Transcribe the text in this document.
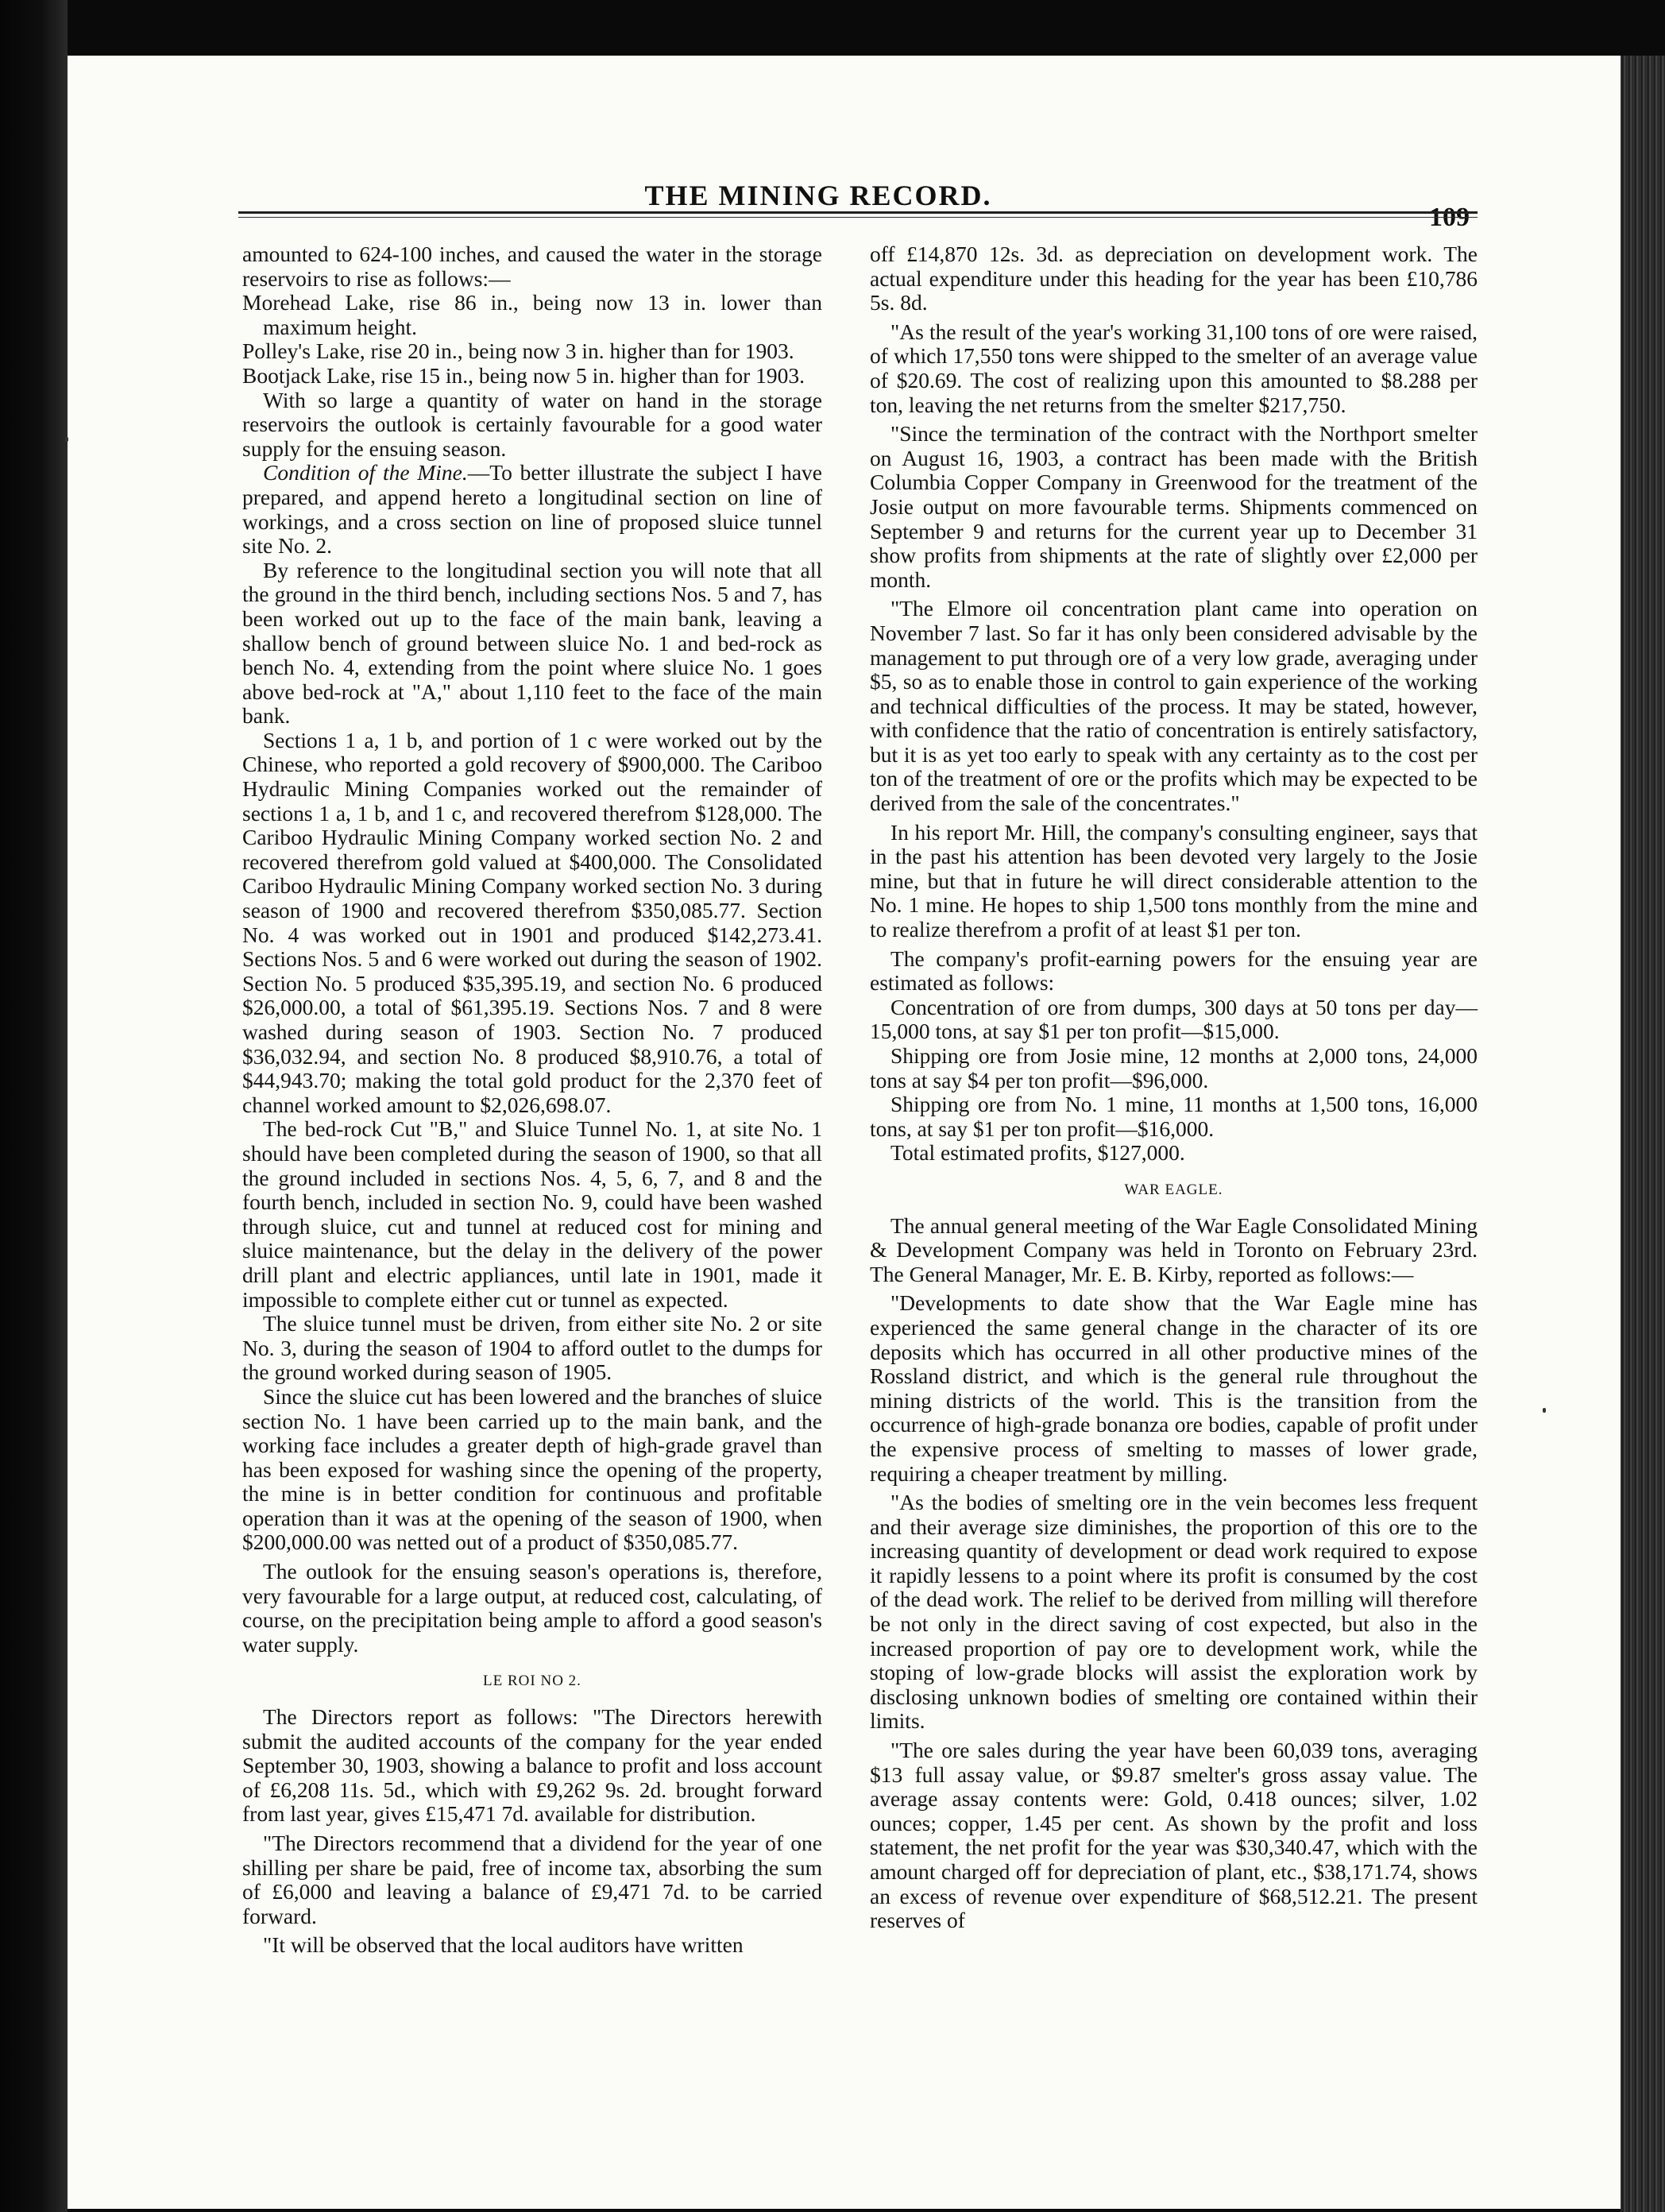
THE MINING RECORD.
109

amounted to 624-100 inches, and caused the water in the storage reservoirs to rise as follows:—

Morehead Lake, rise 86 in., being now 13 in. lower than maximum height.

Polley's Lake, rise 20 in., being now 3 in. higher than for 1903.

Bootjack Lake, rise 15 in., being now 5 in. higher than for 1903.

With so large a quantity of water on hand in the storage reservoirs the outlook is certainly favourable for a good water supply for the ensuing season.

Condition of the Mine.—To better illustrate the subject I have prepared, and append hereto a longitudinal section on line of workings, and a cross section on line of proposed sluice tunnel site No. 2.

By reference to the longitudinal section you will note that all the ground in the third bench, including sections Nos. 5 and 7, has been worked out up to the face of the main bank, leaving a shallow bench of ground between sluice No. 1 and bed-rock as bench No. 4, extending from the point where sluice No. 1 goes above bed-rock at "A," about 1,110 feet to the face of the main bank.

Sections 1 a, 1 b, and portion of 1 c were worked out by the Chinese, who reported a gold recovery of $900,000. The Cariboo Hydraulic Mining Companies worked out the remainder of sections 1 a, 1 b, and 1 c, and recovered therefrom $128,000. The Cariboo Hydraulic Mining Company worked section No. 2 and recovered therefrom gold valued at $400,000. The Consolidated Cariboo Hydraulic Mining Company worked section No. 3 during season of 1900 and recovered therefrom $350,085.77. Section No. 4 was worked out in 1901 and produced $142,273.41. Sections Nos. 5 and 6 were worked out during the season of 1902. Section No. 5 produced $35,395.19, and section No. 6 produced $26,000.00, a total of $61,395.19. Sections Nos. 7 and 8 were washed during season of 1903. Section No. 7 produced $36,032.94, and section No. 8 produced $8,910.76, a total of $44,943.70; making the total gold product for the 2,370 feet of channel worked amount to $2,026,698.07.

The bed-rock Cut "B," and Sluice Tunnel No. 1, at site No. 1 should have been completed during the season of 1900, so that all the ground included in sections Nos. 4, 5, 6, 7, and 8 and the fourth bench, included in section No. 9, could have been washed through sluice, cut and tunnel at reduced cost for mining and sluice maintenance, but the delay in the delivery of the power drill plant and electric appliances, until late in 1901, made it impossible to complete either cut or tunnel as expected.

The sluice tunnel must be driven, from either site No. 2 or site No. 3, during the season of 1904 to afford outlet to the dumps for the ground worked during season of 1905.

Since the sluice cut has been lowered and the branches of sluice section No. 1 have been carried up to the main bank, and the working face includes a greater depth of high-grade gravel than has been exposed for washing since the opening of the property, the mine is in better condition for continuous and profitable operation than it was at the opening of the season of 1900, when $200,000.00 was netted out of a product of $350,085.77.

The outlook for the ensuing season's operations is, therefore, very favourable for a large output, at reduced cost, calculating, of course, on the precipitation being ample to afford a good season's water supply.

LE ROI NO 2.

The Directors report as follows: "The Directors herewith submit the audited accounts of the company for the year ended September 30, 1903, showing a balance to profit and loss account of £6,208 11s. 5d., which with £9,262 9s. 2d. brought forward from last year, gives £15,471 7d. available for distribution.

"The Directors recommend that a dividend for the year of one shilling per share be paid, free of income tax, absorbing the sum of £6,000 and leaving a balance of £9,471 7d. to be carried forward.

"It will be observed that the local auditors have written

off £14,870 12s. 3d. as depreciation on development work. The actual expenditure under this heading for the year has been £10,786 5s. 8d.

"As the result of the year's working 31,100 tons of ore were raised, of which 17,550 tons were shipped to the smelter of an average value of $20.69. The cost of realizing upon this amounted to $8.288 per ton, leaving the net returns from the smelter $217,750.

"Since the termination of the contract with the Northport smelter on August 16, 1903, a contract has been made with the British Columbia Copper Company in Greenwood for the treatment of the Josie output on more favourable terms. Shipments commenced on September 9 and returns for the current year up to December 31 show profits from shipments at the rate of slightly over £2,000 per month.

"The Elmore oil concentration plant came into operation on November 7 last. So far it has only been considered advisable by the management to put through ore of a very low grade, averaging under $5, so as to enable those in control to gain experience of the working and technical difficulties of the process. It may be stated, however, with confidence that the ratio of concentration is entirely satisfactory, but it is as yet too early to speak with any certainty as to the cost per ton of the treatment of ore or the profits which may be expected to be derived from the sale of the concentrates."

In his report Mr. Hill, the company's consulting engineer, says that in the past his attention has been devoted very largely to the Josie mine, but that in future he will direct considerable attention to the No. 1 mine. He hopes to ship 1,500 tons monthly from the mine and to realize therefrom a profit of at least $1 per ton.

The company's profit-earning powers for the ensuing year are estimated as follows:

Concentration of ore from dumps, 300 days at 50 tons per day—15,000 tons, at say $1 per ton profit—$15,000.

Shipping ore from Josie mine, 12 months at 2,000 tons, 24,000 tons at say $4 per ton profit—$96,000.

Shipping ore from No. 1 mine, 11 months at 1,500 tons, 16,000 tons, at say $1 per ton profit—$16,000.

Total estimated profits, $127,000.

WAR EAGLE.

The annual general meeting of the War Eagle Consolidated Mining & Development Company was held in Toronto on February 23rd. The General Manager, Mr. E. B. Kirby, reported as follows:—

"Developments to date show that the War Eagle mine has experienced the same general change in the character of its ore deposits which has occurred in all other productive mines of the Rossland district, and which is the general rule throughout the mining districts of the world. This is the transition from the occurrence of high-grade bonanza ore bodies, capable of profit under the expensive process of smelting to masses of lower grade, requiring a cheaper treatment by milling.

"As the bodies of smelting ore in the vein becomes less frequent and their average size diminishes, the proportion of this ore to the increasing quantity of development or dead work required to expose it rapidly lessens to a point where its profit is consumed by the cost of the dead work. The relief to be derived from milling will therefore be not only in the direct saving of cost expected, but also in the increased proportion of pay ore to development work, while the stoping of low-grade blocks will assist the exploration work by disclosing unknown bodies of smelting ore contained within their limits.

"The ore sales during the year have been 60,039 tons, averaging $13 full assay value, or $9.87 smelter's gross assay value. The average assay contents were: Gold, 0.418 ounces; silver, 1.02 ounces; copper, 1.45 per cent. As shown by the profit and loss statement, the net profit for the year was $30,340.47, which with the amount charged off for depreciation of plant, etc., $38,171.74, shows an excess of revenue over expenditure of $68,512.21. The present reserves of
